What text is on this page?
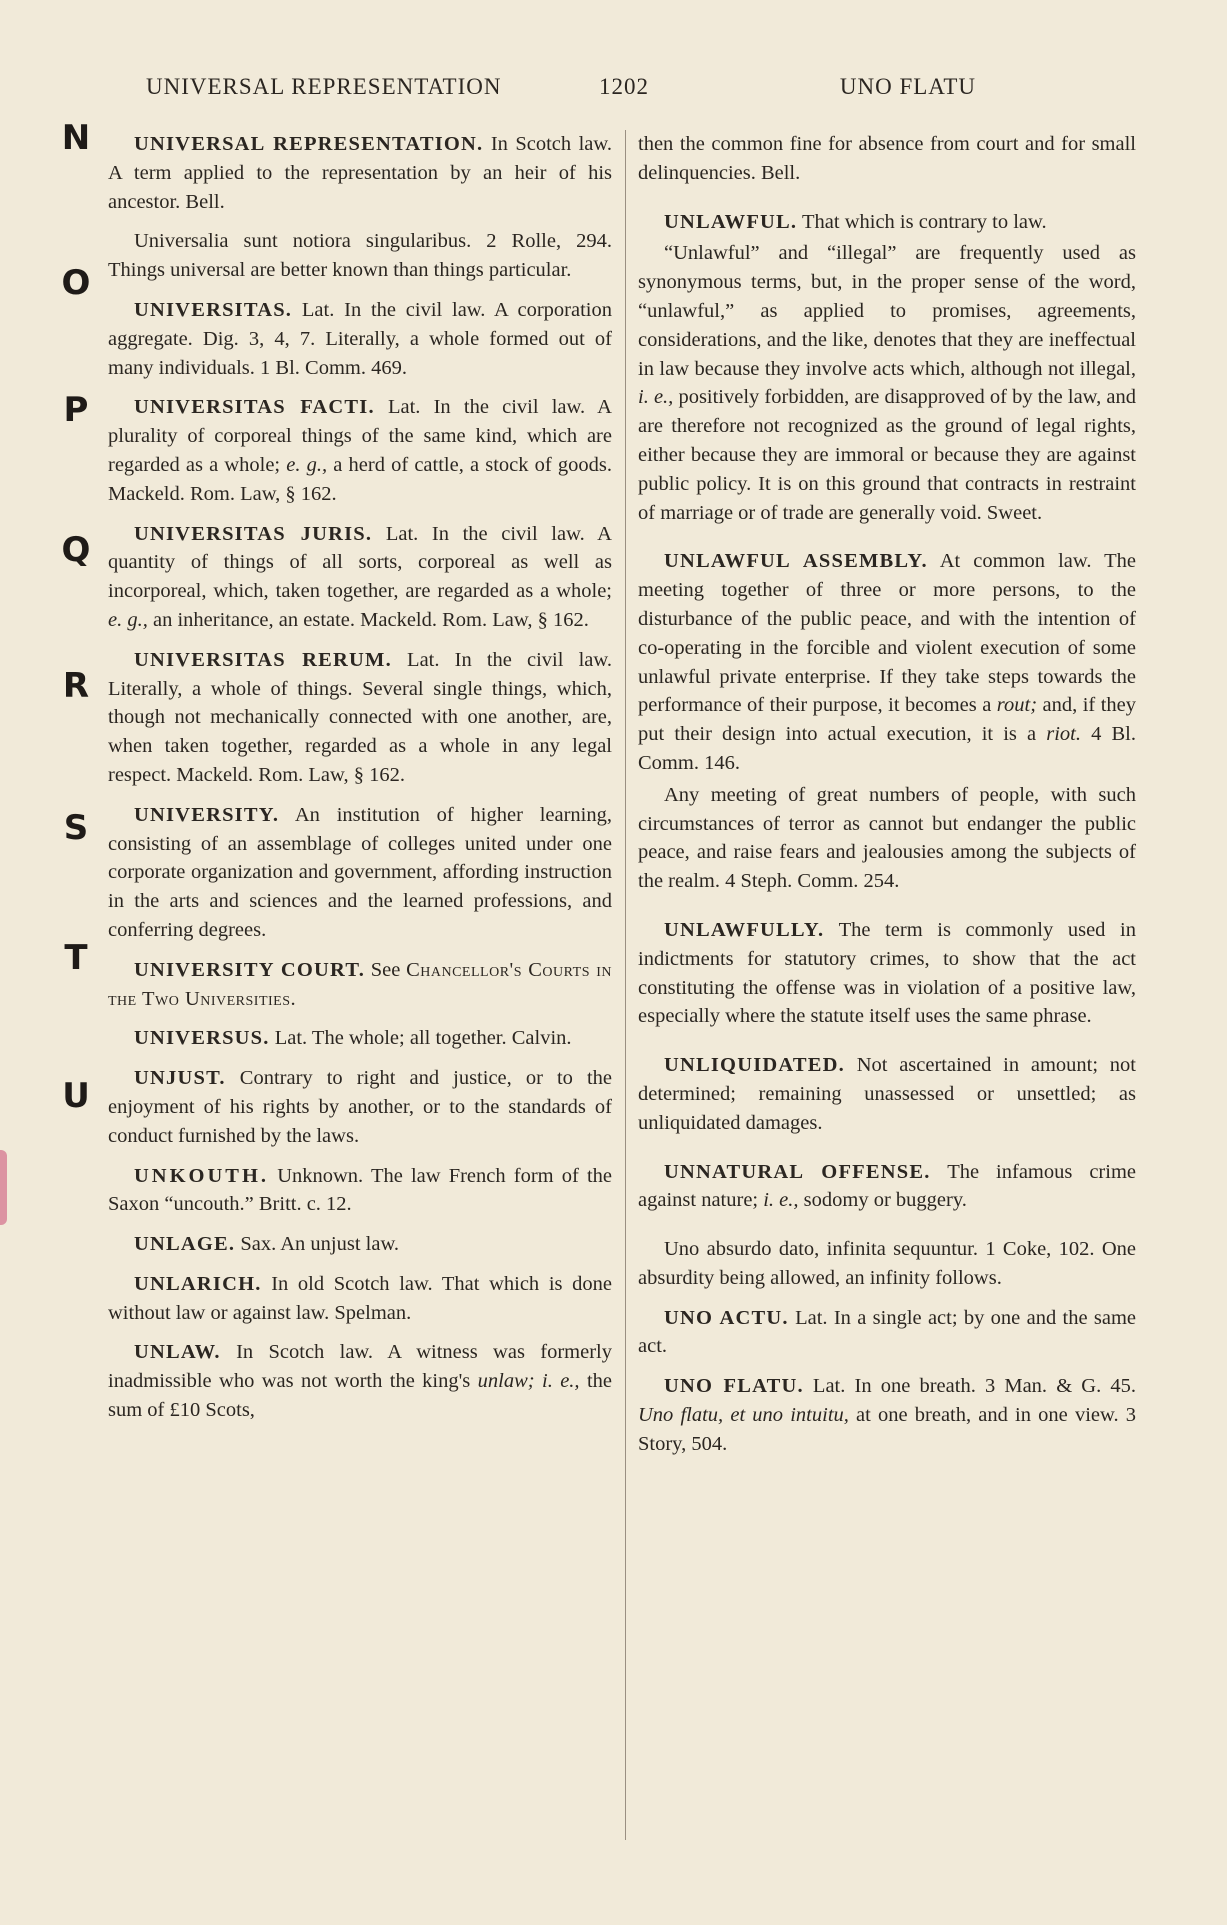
UNIVERSAL REPRESENTATION	1202	UNO FLATU
N
O
P
Q
R
S
T
U

UNIVERSAL REPRESENTATION. In Scotch law. A term applied to the representation by an heir of his ancestor. Bell.

Universalia sunt notiora singularibus. 2 Rolle, 294. Things universal are better known than things particular.

UNIVERSITAS. Lat. In the civil law. A corporation aggregate. Dig. 3, 4, 7. Literally, a whole formed out of many individuals. 1 Bl. Comm. 469.

UNIVERSITAS FACTI. Lat. In the civil law. A plurality of corporeal things of the same kind, which are regarded as a whole; e. g., a herd of cattle, a stock of goods. Mackeld. Rom. Law, § 162.

UNIVERSITAS JURIS. Lat. In the civil law. A quantity of things of all sorts, corporeal as well as incorporeal, which, taken together, are regarded as a whole; e. g., an inheritance, an estate. Mackeld. Rom. Law, § 162.

UNIVERSITAS RERUM. Lat. In the civil law. Literally, a whole of things. Several single things, which, though not mechanically connected with one another, are, when taken together, regarded as a whole in any legal respect. Mackeld. Rom. Law, § 162.

UNIVERSITY. An institution of higher learning, consisting of an assemblage of colleges united under one corporate organization and government, affording instruction in the arts and sciences and the learned professions, and conferring degrees.

UNIVERSITY COURT. See Chancellor's Courts in the Two Universities.

UNIVERSUS. Lat. The whole; all together. Calvin.

UNJUST. Contrary to right and justice, or to the enjoyment of his rights by another, or to the standards of conduct furnished by the laws.

UNKOUTH. Unknown. The law French form of the Saxon “uncouth.” Britt. c. 12.

UNLAGE. Sax. An unjust law.

UNLARICH. In old Scotch law. That which is done without law or against law. Spelman.

UNLAW. In Scotch law. A witness was formerly inadmissible who was not worth the king's unlaw; i. e., the sum of £10 Scots,

then the common fine for absence from court and for small delinquencies. Bell.

UNLAWFUL. That which is contrary to law.

“Unlawful” and “illegal” are frequently used as synonymous terms, but, in the proper sense of the word, “unlawful,” as applied to promises, agreements, considerations, and the like, denotes that they are ineffectual in law because they involve acts which, although not illegal, i. e., positively forbidden, are disapproved of by the law, and are therefore not recognized as the ground of legal rights, either because they are immoral or because they are against public policy. It is on this ground that contracts in restraint of marriage or of trade are generally void. Sweet.

UNLAWFUL ASSEMBLY. At common law. The meeting together of three or more persons, to the disturbance of the public peace, and with the intention of co-operating in the forcible and violent execution of some unlawful private enterprise. If they take steps towards the performance of their purpose, it becomes a rout; and, if they put their design into actual execution, it is a riot. 4 Bl. Comm. 146.

Any meeting of great numbers of people, with such circumstances of terror as cannot but endanger the public peace, and raise fears and jealousies among the subjects of the realm. 4 Steph. Comm. 254.

UNLAWFULLY. The term is commonly used in indictments for statutory crimes, to show that the act constituting the offense was in violation of a positive law, especially where the statute itself uses the same phrase.

UNLIQUIDATED. Not ascertained in amount; not determined; remaining unassessed or unsettled; as unliquidated damages.

UNNATURAL OFFENSE. The infamous crime against nature; i. e., sodomy or buggery.

Uno absurdo dato, infinita sequuntur. 1 Coke, 102. One absurdity being allowed, an infinity follows.

UNO ACTU. Lat. In a single act; by one and the same act.

UNO FLATU. Lat. In one breath. 3 Man. & G. 45. Uno flatu, et uno intuitu, at one breath, and in one view. 3 Story, 504.
